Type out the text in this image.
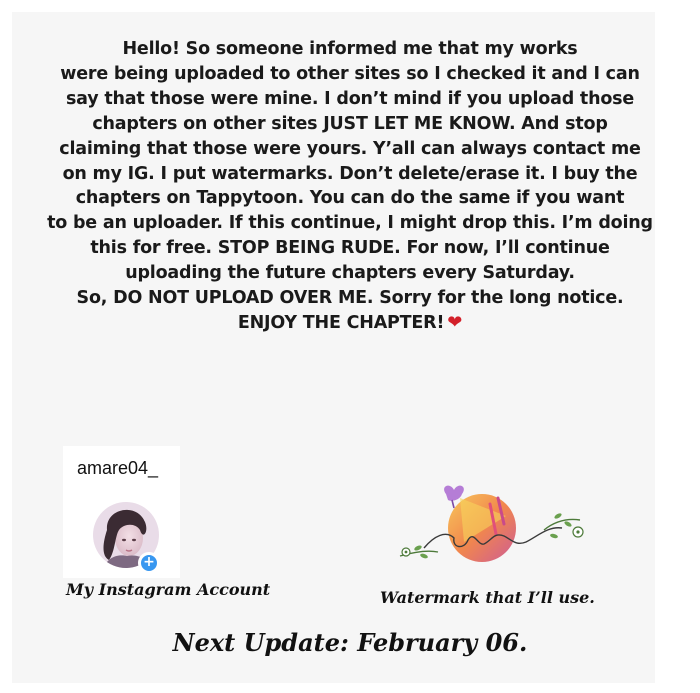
Hello! So someone informed me that my works
were being uploaded to other sites so I checked it and I can
say that those were mine. I don’t mind if you upload those
chapters on other sites JUST LET ME KNOW. And stop
claiming that those were yours. Y’all can always contact me
on my IG. I put watermarks. Don’t delete/erase it. I buy the
chapters on Tappytoon. You can do the same if you want
to be an uploader. If this continue, I might drop this. I’m doing
this for free. STOP BEING RUDE. For now, I’ll continue
uploading the future chapters every Saturday.
So, DO NOT UPLOAD OVER ME. Sorry for the long notice.
ENJOY THE CHAPTER! ❤
amare04_
+
My Instagram Account	Watermark that I’ll use.
Next Update: February 06.
